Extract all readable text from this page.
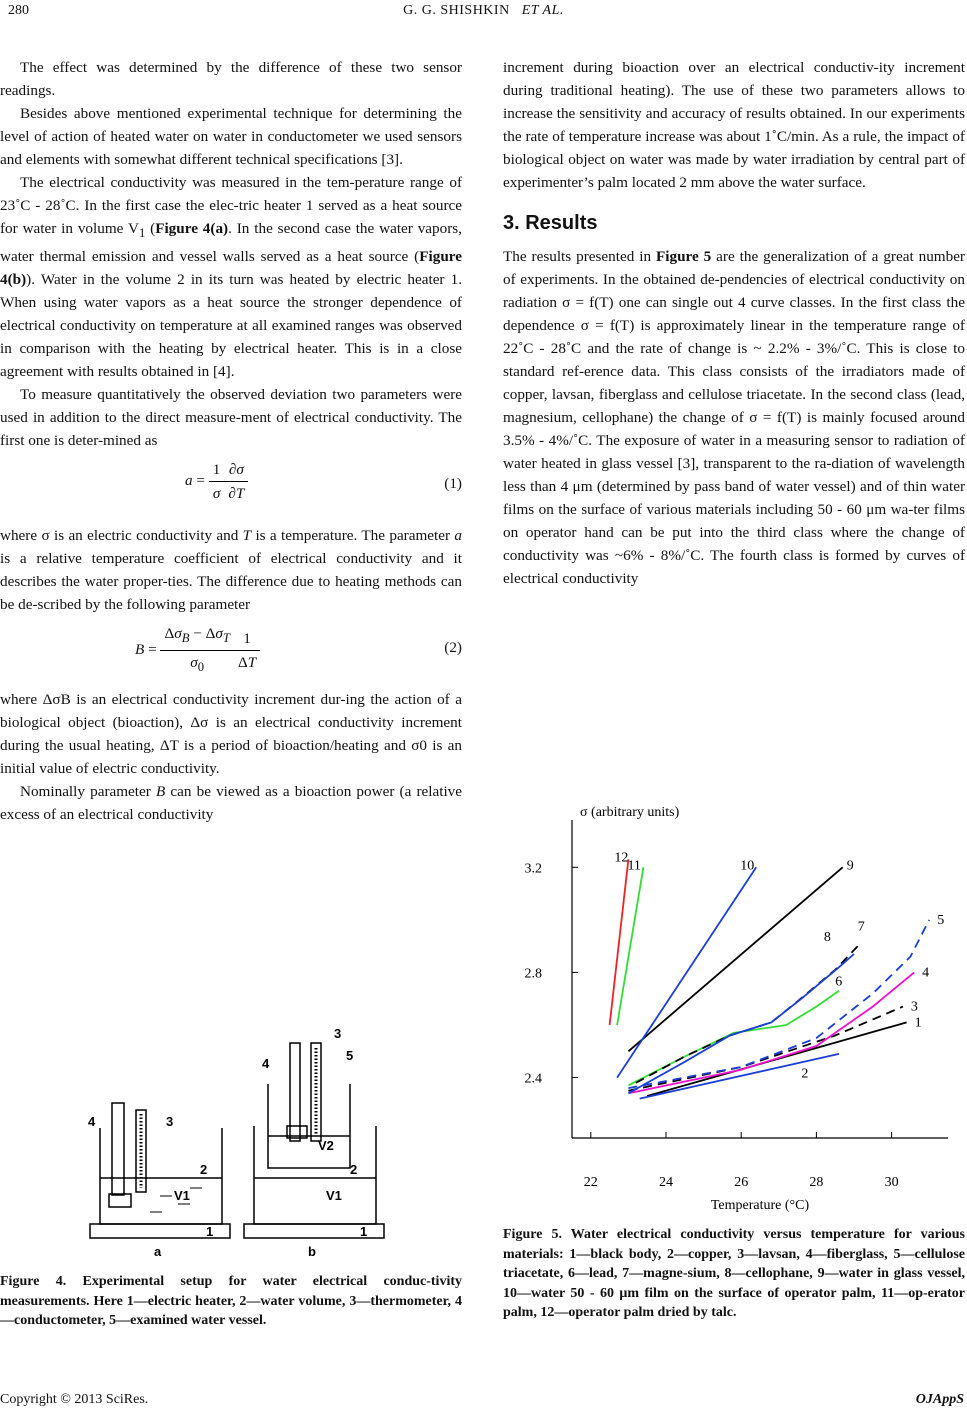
280	G. G. SHISHKIN ET AL.

The effect was determined by the difference of these two sensor readings.

Besides above mentioned experimental technique for determining the level of action of heated water on water in conductometer we used sensors and elements with somewhat different technical specifications [3].

The electrical conductivity was measured in the tem-perature range of 23˚C - 28˚C. In the first case the elec-tric heater 1 served as a heat source for water in volume $V_1$ (Figure 4(a). In the second case the water vapors, water thermal emission and vessel walls served as a heat source (Figure 4(b)). Water in the volume 2 in its turn was heated by electric heater 1. When using water vapors as a heat source the stronger dependence of electrical conductivity on temperature at all examined ranges was observed in comparison with the heating by electrical heater. This is in a close agreement with results obtained in [4].

To measure quantitatively the observed deviation two parameters were used in addition to the direct measure-ment of electrical conductivity. The first one is deter-mined as

$a = \frac{1}{\sigma} \frac{\partial\sigma}{\partial T}$	(1)

where σ is an electric conductivity and T is a temperature. The parameter a is a relative temperature coefficient of electrical conductivity and it describes the water proper-ties. The difference due to heating methods can be de-scribed by the following parameter

$B = \frac{\Delta\sigma_B - \Delta\sigma_T}{\sigma_0} \frac{1}{\Delta T}$	(2)

where ΔσB is an electrical conductivity increment dur-ing the action of a biological object (bioaction), Δσ is an electrical conductivity increment during the usual heating, ΔT is a period of bioaction/heating and σ0 is an initial value of electric conductivity.

Nominally parameter B can be viewed as a bioaction power (a relative excess of an electrical conductivity

increment during bioaction over an electrical conductiv-ity increment during traditional heating). The use of these two parameters allows to increase the sensitivity and accuracy of results obtained. In our experiments the rate of temperature increase was about 1˚C/min. As a rule, the impact of biological object on water was made by water irradiation by central part of experimenter’s palm located 2 mm above the water surface.

3. Results

The results presented in Figure 5 are the generalization of a great number of experiments. In the obtained de-pendencies of electrical conductivity on radiation σ = f(T) one can single out 4 curve classes. In the first class the dependence σ = f(T) is approximately linear in the temperature range of 22˚C - 28˚C and the rate of change is ~ 2.2% - 3%/˚C. This is close to standard ref-erence data. This class consists of the irradiators made of copper, lavsan, fiberglass and cellulose triacetate. In the second class (lead, magnesium, cellophane) the change of σ = f(T) is mainly focused around 3.5% - 4%/˚C. The exposure of water in a measuring sensor to radiation of water heated in glass vessel [3], transparent to the ra-diation of wavelength less than 4 μm (determined by pass band of water vessel) and of thin water films on the surface of various materials including 50 - 60 μm wa-ter films on operator hand can be put into the third class where the change of conductivity was ~6% - 8%/˚C. The fourth class is formed by curves of electrical conductivity

4	3
2
V1
1
a
3
4
5
V2
2
V1
1
b
Figure 4. Experimental setup for water electrical conduc-tivity measurements. Here 1—electric heater, 2—water volume, 3—thermometer, 4—conductometer, 5—examined water vessel.
22	24	26	28	30
2.4
2.8
3.2
σ (arbitrary units)
Temperature (°C)
1
2
3
4
5
6
7
8
9
10
11
12
Figure 5. Water electrical conductivity versus temperature for various materials: 1—black body, 2—copper, 3—lavsan, 4—fiberglass, 5—cellulose triacetate, 6—lead, 7—magne-sium, 8—cellophane, 9—water in glass vessel, 10—water 50 - 60 μm film on the surface of operator palm, 11—op-erator palm, 12—operator palm dried by talc.
Copyright © 2013 SciRes.	OJAppS
